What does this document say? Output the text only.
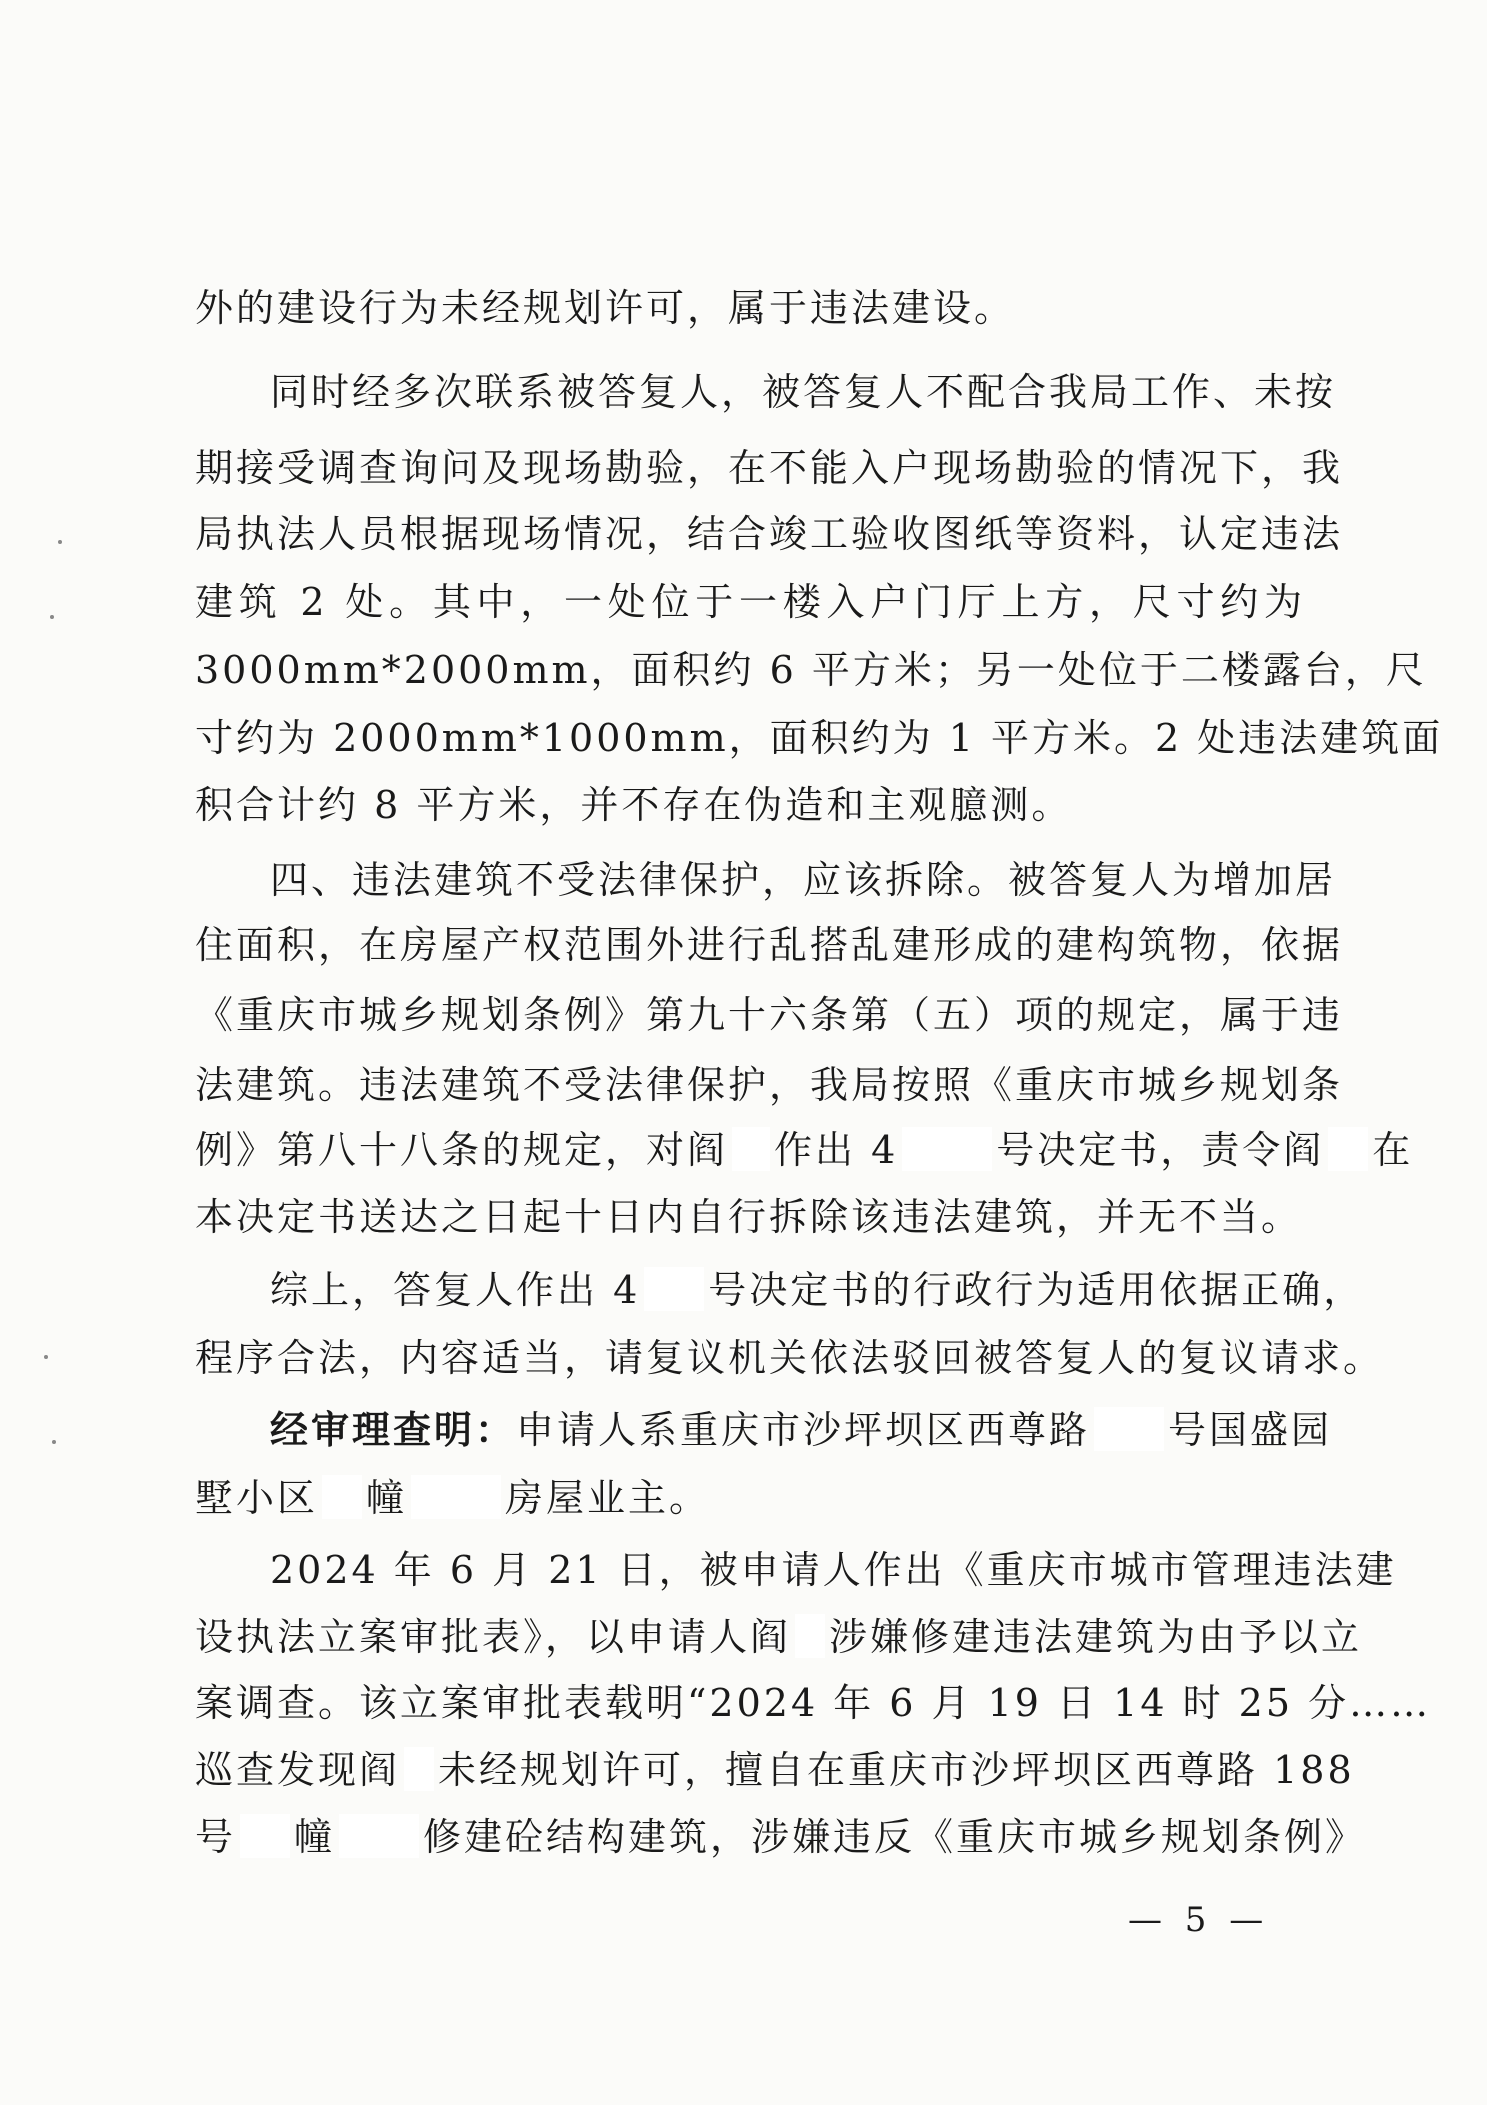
外的建设行为未经规划许可，属于违法建设。
同时经多次联系被答复人，被答复人不配合我局工作、未按
期接受调查询问及现场勘验，在不能入户现场勘验的情况下，我
局执法人员根据现场情况，结合竣工验收图纸等资料，认定违法
建筑 2 处。其中，一处位于一楼入户门厅上方，尺寸约为
3000mm*2000mm，面积约 6 平方米；另一处位于二楼露台，尺
寸约为 2000mm*1000mm，面积约为 1 平方米。2 处违法建筑面
积合计约 8 平方米，并不存在伪造和主观臆测。
四、违法建筑不受法律保护，应该拆除。被答复人为增加居
住面积，在房屋产权范围外进行乱搭乱建形成的建构筑物，依据
《重庆市城乡规划条例》第九十六条第（五）项的规定，属于违
法建筑。违法建筑不受法律保护，我局按照《重庆市城乡规划条
例》第八十八条的规定，对阎 作出 4	号决定书，责令阎 在
本决定书送达之日起十日内自行拆除该违法建筑，并无不当。
综上，答复人作出 4 号决定书的行政行为适用依据正确，
程序合法，内容适当，请复议机关依法驳回被答复人的复议请求。
经审理查明：申请人系重庆市沙坪坝区西尊路 号国盛园
墅小区 幢	房屋业主。
2024 年 6 月 21 日，被申请人作出《重庆市城市管理违法建
设执法立案审批表》，以申请人阎 涉嫌修建违法建筑为由予以立
案调查。该立案审批表载明“2024 年 6 月 19 日 14 时 25 分……
巡查发现阎 未经规划许可，擅自在重庆市沙坪坝区西尊路 188
号 幢 修建砼结构建筑，涉嫌违反《重庆市城乡规划条例》
— 5 —
